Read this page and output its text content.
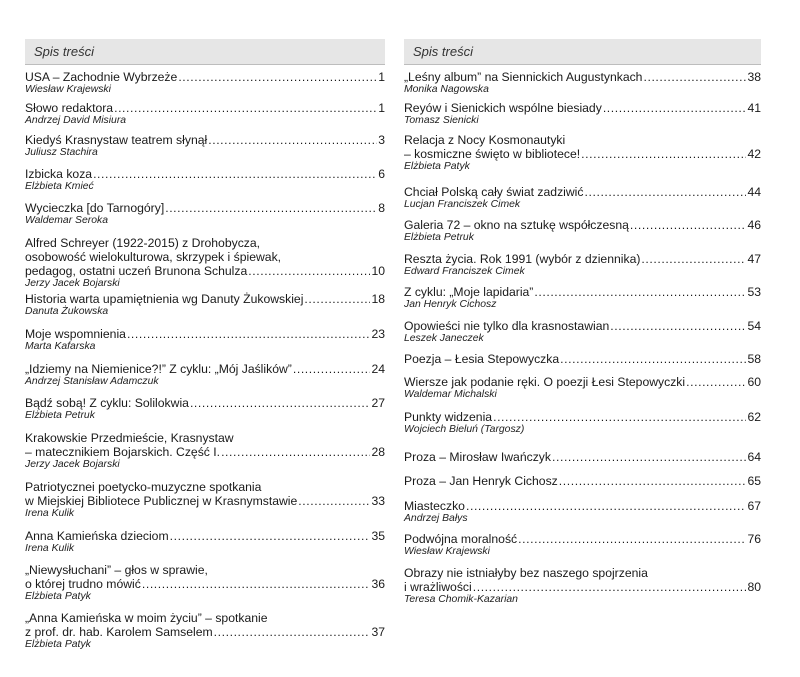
Spis treści
USA – Zachodnie Wybrzeże .....	1
Wiesław Krajewski
Słowo redaktora .....	1
Andrzej David Misiura
Kiedyś Krasnystaw teatrem słynął .....	3
Juliusz Stachira
Izbicka koza .....	6
Elżbieta Kmieć
Wycieczka [do Tarnogóry] .....	8
Waldemar Seroka
Alfred Schreyer (1922-2015) z Drohobycza,
osobowość wielokulturowa, skrzypek i śpiewak,
pedagog, ostatni uczeń Brunona Schulza .....	10
Jerzy Jacek Bojarski
Historia warta upamiętnienia wg Danuty Żukowskiej .....	18
Danuta Żukowska
Moje wspomnienia .....	23
Marta Kafarska
„Idziemy na Niemienice?!” Z cyklu: „Mój Jaślików” .....	24
Andrzej Stanisław Adamczuk
Bądź sobą! Z cyklu: Solilokwia .....	27
Elżbieta Petruk
Krakowskie Przedmieście, Krasnystaw
– matecznikiem Bojarskich. Część I. .....	28
Jerzy Jacek Bojarski
Patriotycznei poetycko-muzyczne spotkania
w Miejskiej Bibliotece Publicznej w Krasnymstawie .....	33
Irena Kulik
Anna Kamieńska dzieciom .....	35
Irena Kulik
„Niewysłuchani” – głos w sprawie,
o której trudno mówić .....	36
Elżbieta Patyk
„Anna Kamieńska w moim życiu” – spotkanie
z prof. dr. hab. Karolem Samselem .....	37
Elżbieta Patyk
Spis treści
„Leśny album” na Siennickich Augustynkach .....	38
Monika Nagowska
Reyów i Sienickich wspólne biesiady .....	41
Tomasz Sienicki
Relacja z Nocy Kosmonautyki
– kosmiczne święto w bibliotece! .....	42
Elżbieta Patyk
Chciał Polską cały świat zadziwić .....	44
Lucjan Franciszek Cimek
Galeria 72 – okno na sztukę współczesną .....	46
Elżbieta Petruk
Reszta życia. Rok 1991 (wybór z dziennika) .....	47
Edward Franciszek Cimek
Z cyklu: „Moje lapidaria” .....	53
Jan Henryk Cichosz
Opowieści nie tylko dla krasnostawian .....	54
Leszek Janeczek
Poezja – Łesia Stepowyczka .....	58
Wiersze jak podanie ręki. O poezji Łesi Stepowyczki .....	60
Waldemar Michalski
Punkty widzenia .....	62
Wojciech Bieluń (Targosz)
Proza – Mirosław Iwańczyk .....	64
Proza – Jan Henryk Cichosz .....	65
Miasteczko .....	67
Andrzej Bałys
Podwójna moralność .....	76
Wiesław Krajewski
Obrazy nie istniałyby bez naszego spojrzenia
i wrażliwości .....	80
Teresa Chomik-Kazarian
